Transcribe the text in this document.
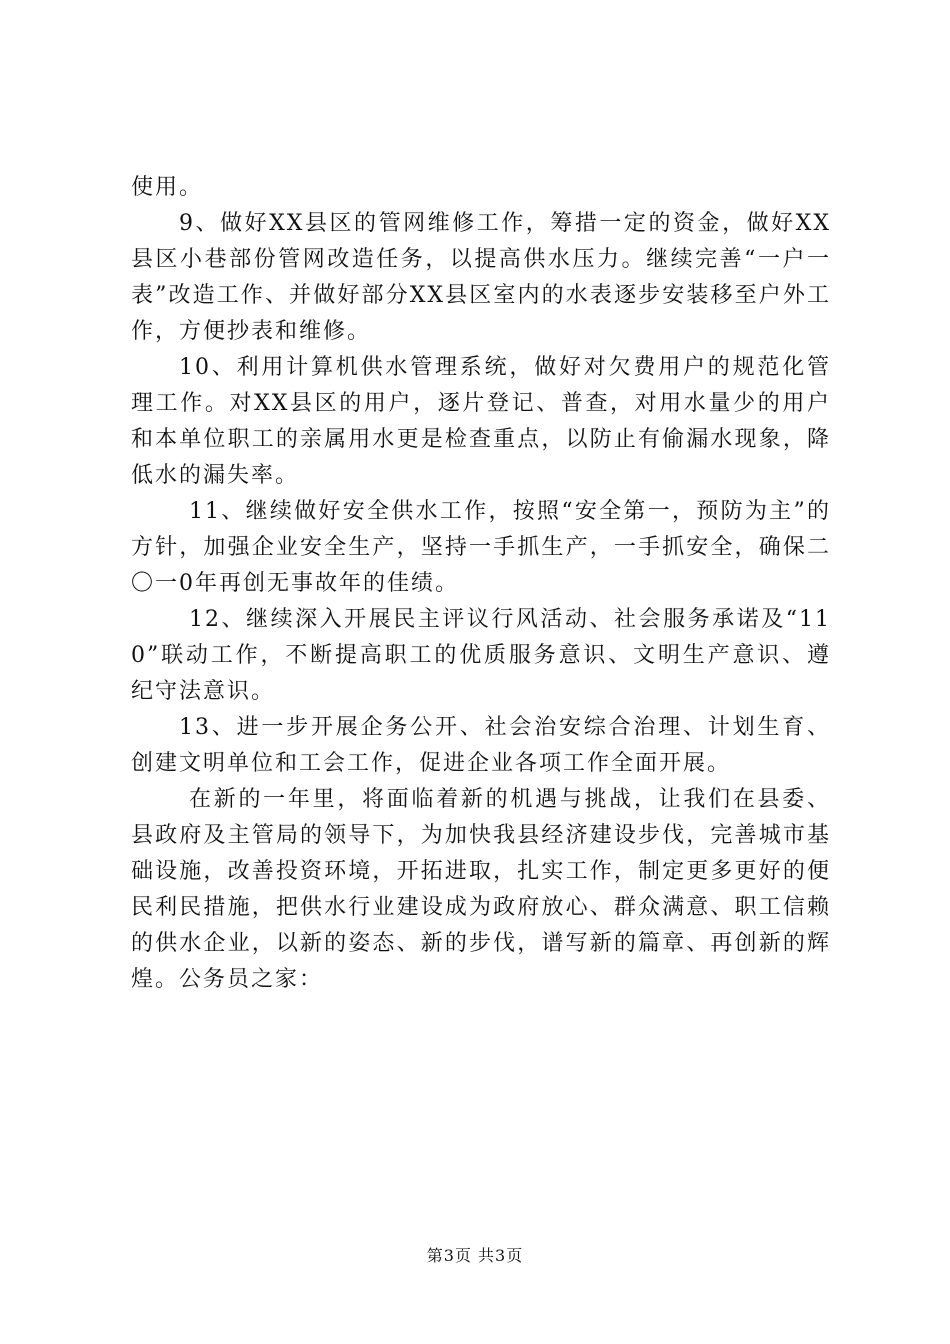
使用。

9、做好XX县区的管网维修工作，筹措一定的资金，做好XX县区小巷部份管网改造任务，以提高供水压力。继续完善“一户一表”改造工作、并做好部分XX县区室内的水表逐步安装移至户外工作，方便抄表和维修。

10、利用计算机供水管理系统，做好对欠费用户的规范化管理工作。对XX县区的用户，逐片登记、普查，对用水量少的用户和本单位职工的亲属用水更是检查重点，以防止有偷漏水现象，降低水的漏失率。

11、继续做好安全供水工作，按照“安全第一，预防为主”的方针，加强企业安全生产，坚持一手抓生产，一手抓安全，确保二〇一0年再创无事故年的佳绩。

12、继续深入开展民主评议行风活动、社会服务承诺及“110”联动工作，不断提高职工的优质服务意识、文明生产意识、遵纪守法意识。

13、进一步开展企务公开、社会治安综合治理、计划生育、创建文明单位和工会工作，促进企业各项工作全面开展。

在新的一年里，将面临着新的机遇与挑战，让我们在县委、县政府及主管局的领导下，为加快我县经济建设步伐，完善城市基础设施，改善投资环境，开拓进取，扎实工作，制定更多更好的便民利民措施，把供水行业建设成为政府放心、群众满意、职工信赖的供水企业，以新的姿态、新的步伐，谱写新的篇章、再创新的辉煌。公务员之家：

第3页 共3页
